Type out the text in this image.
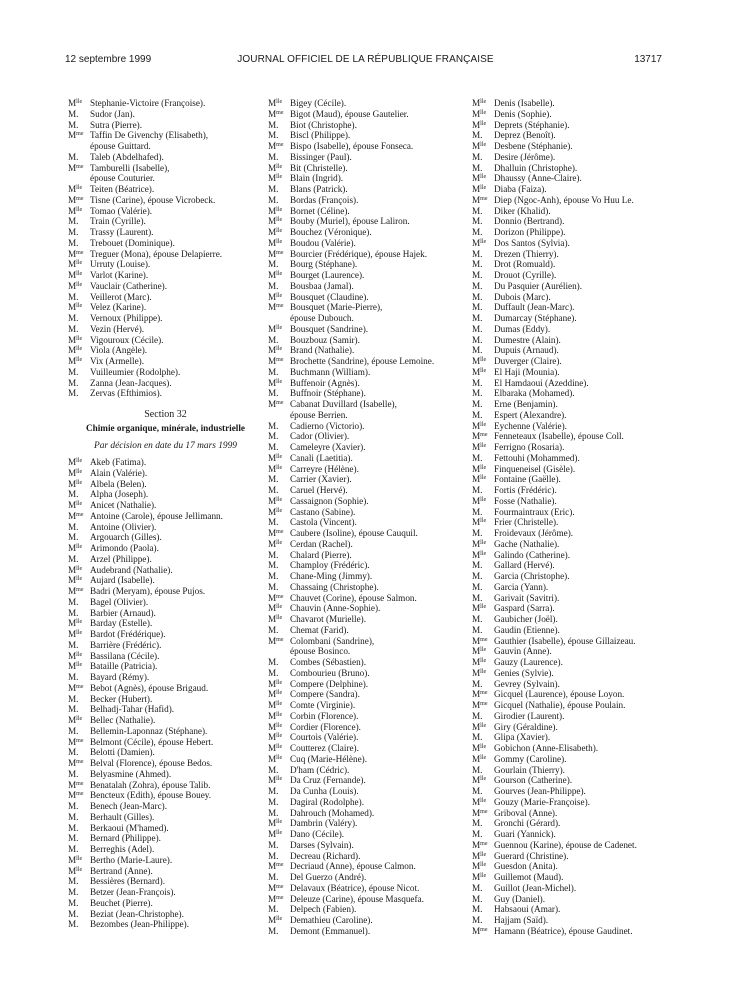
12 septembre 1999	JOURNAL OFFICIEL DE LA RÉPUBLIQUE FRANÇAISE	13717
$M^{lle}$ Stephanie-Victoire (Françoise).
M. Sudor (Jan).
M. Sutra (Pierre).
$M^{me}$ Taffin De Givenchy (Elisabeth),
épouse Guittard.
M. Taleb (Abdelhafed).
$M^{me}$ Tamburelli (Isabelle),
épouse Couturier.
$M^{lle}$ Teiten (Béatrice).
$M^{me}$ Tisne (Carine), épouse Vicrobeck.
$M^{lle}$ Tomao (Valérie).
M. Train (Cyrille).
M. Trassy (Laurent).
M. Trebouet (Dominique).
$M^{me}$ Treguer (Mona), épouse Delapierre.
$M^{lle}$ Urruty (Louise).
$M^{lle}$ Varlot (Karine).
$M^{lle}$ Vauclair (Catherine).
M. Veillerot (Marc).
$M^{lle}$ Velez (Karine).
M. Vernoux (Philippe).
M. Vezin (Hervé).
$M^{lle}$ Vigouroux (Cécile).
$M^{lle}$ Viola (Angèle).
$M^{lle}$ Vix (Armelle).
M. Vuilleumier (Rodolphe).
M. Zanna (Jean-Jacques).
M. Zervas (Efthimios).
Section 32
Chimie organique, minérale, industrielle
Par décision en date du 17 mars 1999
$M^{lle}$ Akeb (Fatima).
$M^{lle}$ Alain (Valérie).
$M^{lle}$ Albela (Belen).
M. Alpha (Joseph).
$M^{lle}$ Anicet (Nathalie).
$M^{me}$ Antoine (Carole), épouse Jellimann.
M. Antoine (Olivier).
M. Argouarch (Gilles).
$M^{lle}$ Arimondo (Paola).
M. Arzel (Philippe).
$M^{lle}$ Audebrand (Nathalie).
$M^{lle}$ Aujard (Isabelle).
$M^{me}$ Badri (Meryam), épouse Pujos.
M. Bagel (Olivier).
M. Barbier (Arnaud).
$M^{lle}$ Barday (Estelle).
$M^{lle}$ Bardot (Frédérique).
M. Barrière (Frédéric).
$M^{lle}$ Bassilana (Cécile).
$M^{lle}$ Bataille (Patricia).
M. Bayard (Rémy).
$M^{me}$ Bebot (Agnès), épouse Brigaud.
M. Becker (Hubert).
M. Belhadj-Tahar (Hafid).
$M^{lle}$ Bellec (Nathalie).
M. Bellemin-Laponnaz (Stéphane).
$M^{me}$ Belmont (Cécile), épouse Hebert.
M. Belotti (Damien).
$M^{me}$ Belval (Florence), épouse Bedos.
M. Belyasmine (Ahmed).
$M^{me}$ Benatalah (Zohra), épouse Talib.
$M^{me}$ Bencteux (Edith), épouse Bouey.
M. Benech (Jean-Marc).
M. Berhault (Gilles).
M. Berkaoui (M'hamed).
M. Bernard (Philippe).
M. Berreghis (Adel).
$M^{lle}$ Bertho (Marie-Laure).
$M^{lle}$ Bertrand (Anne).
M. Bessières (Bernard).
M. Betzer (Jean-François).
M. Beuchet (Pierre).
M. Beziat (Jean-Christophe).
M. Bezombes (Jean-Philippe).
$M^{lle}$ Bigey (Cécile).
$M^{me}$ Bigot (Maud), épouse Gautelier.
M. Biot (Christophe).
M. Biscl (Philippe).
$M^{me}$ Bispo (Isabelle), épouse Fonseca.
M. Bissinger (Paul).
$M^{lle}$ Bit (Christelle).
$M^{lle}$ Blain (Ingrid).
M. Blans (Patrick).
M. Bordas (François).
$M^{lle}$ Bornet (Céline).
$M^{lle}$ Bouby (Muriel), épouse Laliron.
$M^{lle}$ Bouchez (Véronique).
$M^{lle}$ Boudou (Valérie).
$M^{me}$ Bourcier (Frédérique), épouse Hajek.
M. Bourg (Stéphane).
$M^{lle}$ Bourget (Laurence).
M. Bousbaa (Jamal).
$M^{lle}$ Bousquet (Claudine).
$M^{me}$ Bousquet (Marie-Pierre),
épouse Dubouch.
$M^{lle}$ Bousquet (Sandrine).
M. Bouzbouz (Samir).
$M^{lle}$ Brand (Nathalie).
$M^{me}$ Brochette (Sandrine), épouse Lemoine.
M. Buchmann (William).
$M^{lle}$ Buffenoir (Agnès).
M. Buffnoir (Stéphane).
$M^{me}$ Cabanat Duvillard (Isabelle),
épouse Berrien.
M. Cadierno (Victorio).
M. Cador (Olivier).
M. Cameleyre (Xavier).
$M^{lle}$ Canali (Laetitia).
$M^{lle}$ Carreyre (Hélène).
M. Carrier (Xavier).
M. Caruel (Hervé).
$M^{lle}$ Cassaignon (Sophie).
$M^{lle}$ Castano (Sabine).
M. Castola (Vincent).
$M^{me}$ Caubere (Isoline), épouse Cauquil.
$M^{lle}$ Cerdan (Rachel).
M. Chalard (Pierre).
M. Champloy (Frédéric).
M. Chane-Ming (Jimmy).
M. Chassaing (Christophe).
$M^{me}$ Chauvet (Corine), épouse Salmon.
$M^{lle}$ Chauvin (Anne-Sophie).
$M^{lle}$ Chavarot (Murielle).
M. Chemat (Farid).
$M^{me}$ Colombani (Sandrine),
épouse Bosinco.
M. Combes (Sébastien).
M. Combourieu (Bruno).
$M^{lle}$ Compere (Delphine).
$M^{lle}$ Compere (Sandra).
$M^{lle}$ Comte (Virginie).
$M^{lle}$ Corbin (Florence).
$M^{lle}$ Cordier (Florence).
$M^{lle}$ Courtois (Valérie).
$M^{lle}$ Coutterez (Claire).
$M^{lle}$ Cuq (Marie-Hélène).
M. D'ham (Cédric).
$M^{lle}$ Da Cruz (Fernande).
M. Da Cunha (Louis).
M. Dagiral (Rodolphe).
M. Dahrouch (Mohamed).
$M^{lle}$ Dambrin (Valéry).
$M^{lle}$ Dano (Cécile).
M. Darses (Sylvain).
M. Decreau (Richard).
$M^{me}$ Decriaud (Anne), épouse Calmon.
M. Del Guerzo (André).
$M^{me}$ Delavaux (Béatrice), épouse Nicot.
$M^{me}$ Deleuze (Carine), épouse Masquefa.
M. Delpech (Fabien).
$M^{lle}$ Demathieu (Caroline).
M. Demont (Emmanuel).
$M^{lle}$ Denis (Isabelle).
$M^{lle}$ Denis (Sophie).
$M^{lle}$ Deprets (Stéphanie).
M. Deprez (Benoît).
$M^{lle}$ Desbene (Stéphanie).
M. Desire (Jérôme).
M. Dhalluin (Christophe).
$M^{lle}$ Dhaussy (Anne-Claire).
$M^{lle}$ Diaba (Faiza).
$M^{me}$ Diep (Ngoc-Anh), épouse Vo Huu Le.
M. Diker (Khalid).
M. Donnio (Bertrand).
M. Dorizon (Philippe).
$M^{lle}$ Dos Santos (Sylvia).
M. Drezen (Thierry).
M. Drot (Romuald).
M. Drouot (Cyrille).
M. Du Pasquier (Aurélien).
M. Dubois (Marc).
M. Duffault (Jean-Marc).
M. Dumarcay (Stéphane).
M. Dumas (Eddy).
M. Dumestre (Alain).
M. Dupuis (Arnaud).
$M^{lle}$ Duverger (Claire).
$M^{lle}$ El Haji (Mounia).
M. El Hamdaoui (Azeddine).
M. Elbaraka (Mohamed).
M. Erne (Benjamin).
M. Espert (Alexandre).
$M^{lle}$ Eychenne (Valérie).
$M^{me}$ Fenneteaux (Isabelle), épouse Coll.
$M^{lle}$ Ferrigno (Rosaria).
M. Fettouhi (Mohammed).
$M^{lle}$ Finqueneisel (Gisèle).
$M^{lle}$ Fontaine (Gaëlle).
M. Fortis (Frédéric).
$M^{lle}$ Fosse (Nathalie).
M. Fourmaintraux (Eric).
$M^{lle}$ Frier (Christelle).
M. Froidevaux (Jérôme).
$M^{lle}$ Gache (Nathalie).
$M^{lle}$ Galindo (Catherine).
M. Gallard (Hervé).
M. Garcia (Christophe).
M. Garcia (Yann).
M. Garivait (Savitri).
$M^{lle}$ Gaspard (Sarra).
M. Gaubicher (Joël).
M. Gaudin (Etienne).
$M^{me}$ Gauthier (Isabelle), épouse Gillaizeau.
$M^{lle}$ Gauvin (Anne).
$M^{lle}$ Gauzy (Laurence).
$M^{lle}$ Genies (Sylvie).
M. Gevrey (Sylvain).
$M^{me}$ Gicquel (Laurence), épouse Loyon.
$M^{me}$ Gicquel (Nathalie), épouse Poulain.
M. Girodier (Laurent).
$M^{lle}$ Giry (Géraldine).
M. Glipa (Xavier).
$M^{lle}$ Gobichon (Anne-Elisabeth).
$M^{lle}$ Gommy (Caroline).
M. Gourlain (Thierry).
$M^{lle}$ Gourson (Catherine).
M. Gourves (Jean-Philippe).
$M^{lle}$ Gouzy (Marie-Françoise).
$M^{me}$ Griboval (Anne).
M. Gronchi (Gérard).
M. Guari (Yannick).
$M^{me}$ Guennou (Karine), épouse de Cadenet.
$M^{lle}$ Guerard (Christine).
$M^{lle}$ Guesdon (Anita).
$M^{lle}$ Guillemot (Maud).
M. Guillot (Jean-Michel).
M. Guy (Daniel).
M. Habsaoui (Amar).
M. Hajjam (Saïd).
$M^{me}$ Hamann (Béatrice), épouse Gaudinet.
